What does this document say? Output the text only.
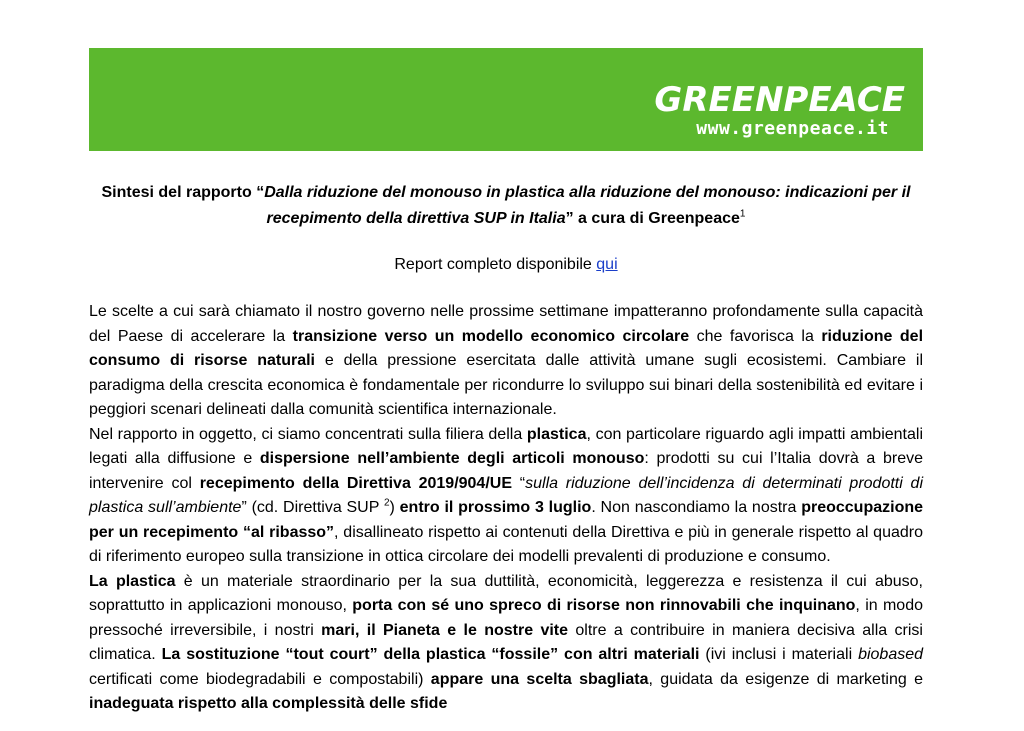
GREENPEACE
www.greenpeace.it
Sintesi del rapporto “Dalla riduzione del monouso in plastica alla riduzione del monouso: indicazioni per il recepimento della direttiva SUP in Italia” a cura di Greenpeace$^1$
Report completo disponibile qui

Le scelte a cui sarà chiamato il nostro governo nelle prossime settimane impatteranno profondamente sulla capacità del Paese di accelerare la transizione verso un modello economico circolare che favorisca la riduzione del consumo di risorse naturali e della pressione esercitata dalle attività umane sugli ecosistemi. Cambiare il paradigma della crescita economica è fondamentale per ricondurre lo sviluppo sui binari della sostenibilità ed evitare i peggiori scenari delineati dalla comunità scientifica internazionale.

Nel rapporto in oggetto, ci siamo concentrati sulla filiera della plastica, con particolare riguardo agli impatti ambientali legati alla diffusione e dispersione nell’ambiente degli articoli monouso: prodotti su cui l’Italia dovrà a breve intervenire col recepimento della Direttiva 2019/904/UE “sulla riduzione dell’incidenza di determinati prodotti di plastica sull’ambiente” (cd. Direttiva SUP $^2$) entro il prossimo 3 luglio. Non nascondiamo la nostra preoccupazione per un recepimento “al ribasso”, disallineato rispetto ai contenuti della Direttiva e più in generale rispetto al quadro di riferimento europeo sulla transizione in ottica circolare dei modelli prevalenti di produzione e consumo.

La plastica è un materiale straordinario per la sua duttilità, economicità, leggerezza e resistenza il cui abuso, soprattutto in applicazioni monouso, porta con sé uno spreco di risorse non rinnovabili che inquinano, in modo pressoché irreversibile, i nostri mari, il Pianeta e le nostre vite oltre a contribuire in maniera decisiva alla crisi climatica. La sostituzione “tout court” della plastica “fossile” con altri materiali (ivi inclusi i materiali biobased certificati come biodegradabili e compostabili) appare una scelta sbagliata, guidata da esigenze di marketing e inadeguata rispetto alla complessità delle sfide
